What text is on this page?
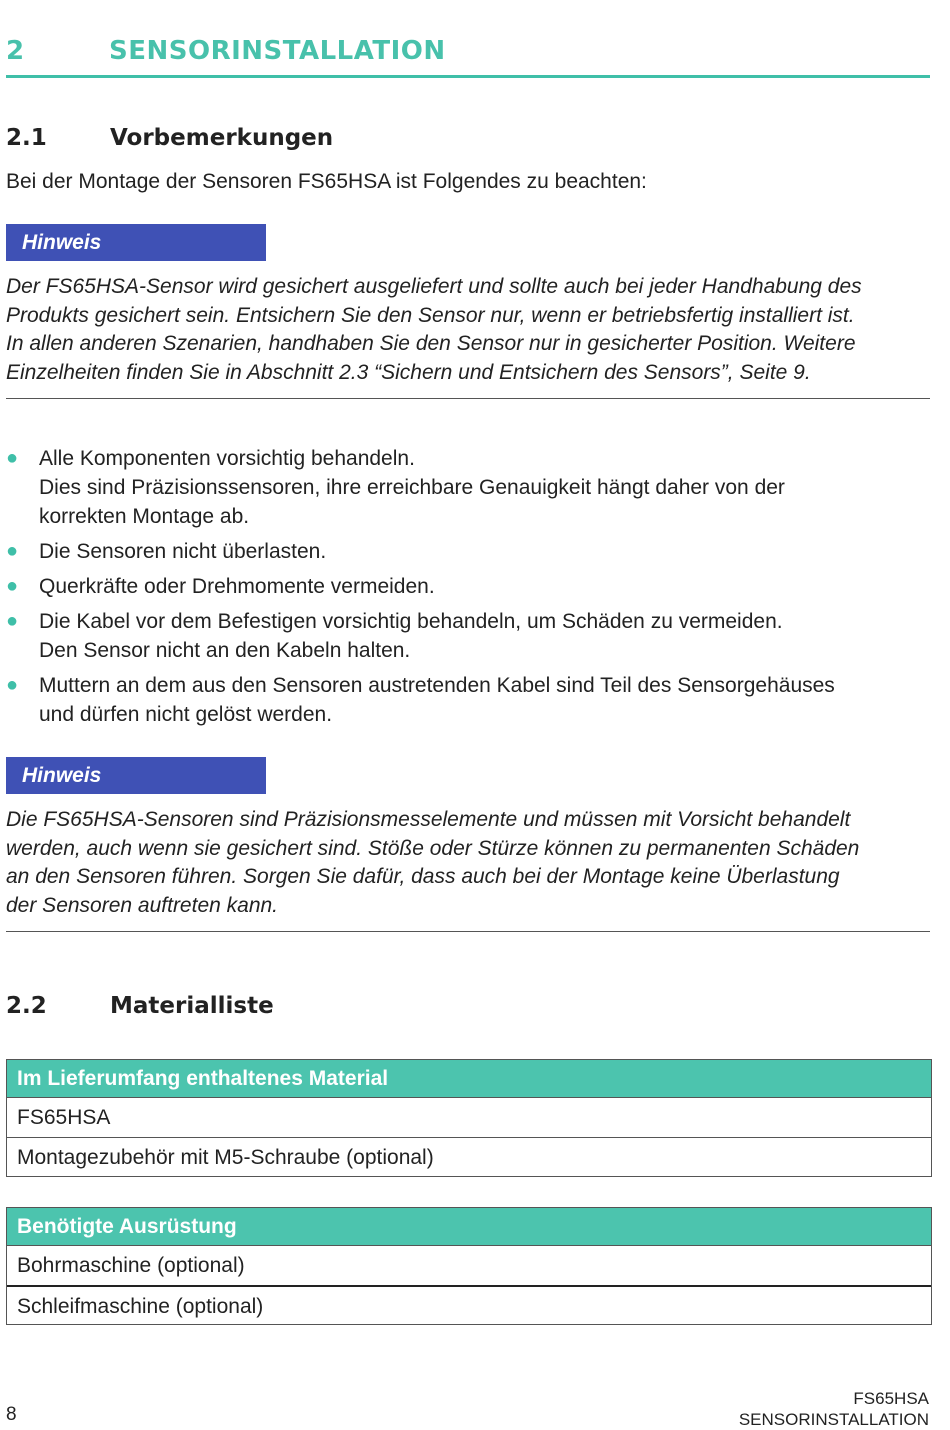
2	SENSORINSTALLATION
2.1	Vorbemerkungen

Bei der Montage der Sensoren FS65HSA ist Folgendes zu beachten:

Hinweis
Der FS65HSA-Sensor wird gesichert ausgeliefert und sollte auch bei jeder Handhabung des
Produkts gesichert sein. Entsichern Sie den Sensor nur, wenn er betriebsfertig installiert ist.
In allen anderen Szenarien, handhaben Sie den Sensor nur in gesicherter Position. Weitere
Einzelheiten finden Sie in Abschnitt 2.3 “Sichern und Entsichern des Sensors”, Seite 9.
● Alle Komponenten vorsichtig behandeln.
Dies sind Präzisionssensoren, ihre erreichbare Genauigkeit hängt daher von der
korrekten Montage ab.
● Die Sensoren nicht überlasten.
● Querkräfte oder Drehmomente vermeiden.
● Die Kabel vor dem Befestigen vorsichtig behandeln, um Schäden zu vermeiden.
Den Sensor nicht an den Kabeln halten.
● Muttern an dem aus den Sensoren austretenden Kabel sind Teil des Sensorgehäuses
und dürfen nicht gelöst werden.
Hinweis
Die FS65HSA-Sensoren sind Präzisionsmesselemente und müssen mit Vorsicht behandelt
werden, auch wenn sie gesichert sind. Stöße oder Stürze können zu permanenten Schäden
an den Sensoren führen. Sorgen Sie dafür, dass auch bei der Montage keine Überlastung
der Sensoren auftreten kann.
2.2	Materialliste
Im Lieferumfang enthaltenes Material
FS65HSA
Montagezubehör mit M5-Schraube (optional)
Benötigte Ausrüstung
Bohrmaschine (optional)
Schleifmaschine (optional)
8
FS65HSA
SENSORINSTALLATION
